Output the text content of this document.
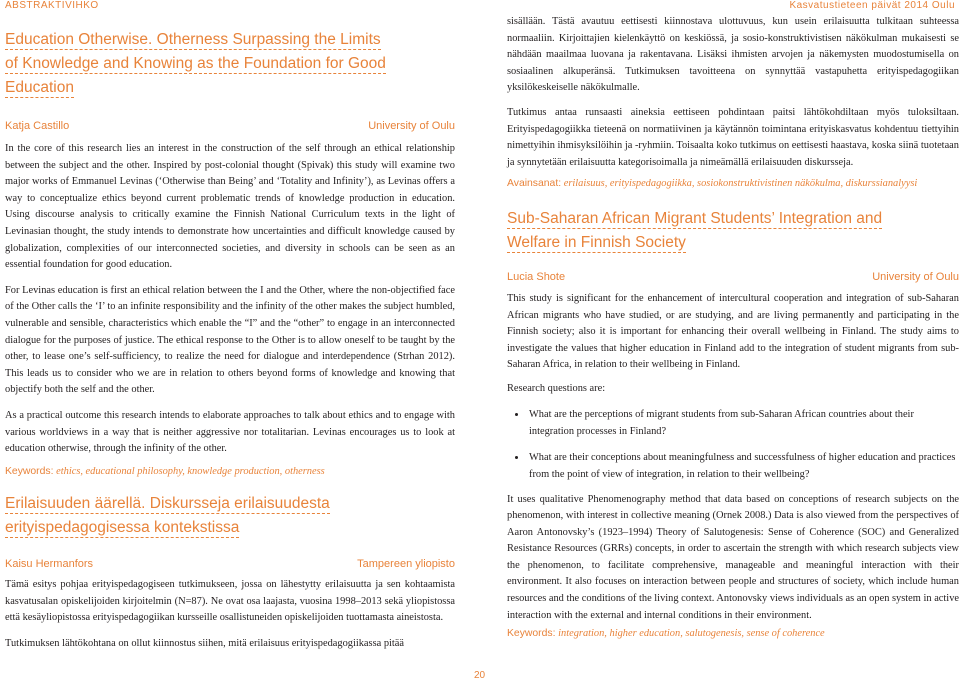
ABSTRAKTIVIHKO	Kasvatustieteen päivät 2014 Oulu
Education Otherwise. Otherness Surpassing the Limits
of Knowledge and Knowing as the Foundation for Good
Education
Katja Castillo	University of Oulu

In the core of this research lies an interest in the construction of the self through an ethical relationship between the subject and the other. Inspired by post-colonial thought (Spivak) this study will examine two major works of Emmanuel Levinas (‘Otherwise than Being’ and ‘Totality and Infinity’), as Levinas offers a way to conceptualize ethics beyond current problematic trends of knowledge production in education. Using discourse analysis to critically examine the Finnish National Curriculum texts in the light of Levinasian thought, the study intends to demonstrate how uncertainties and difficult knowledge caused by globalization, complexities of our interconnected societies, and diversity in schools can be seen as an essential foundation for good education.

For Levinas education is first an ethical relation between the I and the Other, where the non-objectified face of the Other calls the ‘I’ to an infinite responsibility and the infinity of the other makes the subject humbled, vulnerable and sensible, characteristics which enable the “I” and the “other” to engage in an interconnected dialogue for the purposes of justice. The ethical response to the Other is to allow oneself to be taught by the other, to lease one’s self-sufficiency, to realize the need for dialogue and interdependence (Strhan 2012). This leads us to consider who we are in relation to others beyond forms of knowledge and knowing that objectify both the self and the other.

As a practical outcome this research intends to elaborate approaches to talk about ethics and to engage with various worldviews in a way that is neither aggressive nor totalitarian. Levinas encourages us to look at education otherwise, through the infinity of the other.

Keywords: ethics, educational philosophy, knowledge production, otherness

Erilaisuuden äärellä. Diskursseja erilaisuudesta
erityispedagogisessa kontekstissa
Kaisu Hermanfors	Tampereen yliopisto

Tämä esitys pohjaa erityispedagogiseen tutkimukseen, jossa on lähestytty erilaisuutta ja sen kohtaamista kasvatusalan opiskelijoiden kirjoitelmin (N=87). Ne ovat osa laajasta, vuosina 1998–2013 sekä yliopistossa että kesäyliopistossa erityispedagogiikan kursseille osallistuneiden opiskelijoiden tuottamasta aineistosta.

Tutkimuksen lähtökohtana on ollut kiinnostus siihen, mitä erilaisuus erityispedagogiikassa pitää

sisällään. Tästä avautuu eettisesti kiinnostava ulottuvuus, kun usein erilaisuutta tulkitaan suhteessa normaaliin. Kirjoittajien kielenkäyttö on keskiössä, ja sosio-konstruktivistisen näkökulman mukaisesti se nähdään maailmaa luovana ja rakentavana. Lisäksi ihmisten arvojen ja näkemysten muodostumisella on sosiaalinen alkuperänsä. Tutkimuksen tavoitteena on synnyttää vastapuhetta erityispedagogiikan yksilökeskeiselle näkökulmalle.

Tutkimus antaa runsaasti aineksia eettiseen pohdintaan paitsi lähtökohdiltaan myös tuloksiltaan. Erityispedagogiikka tieteenä on normatiivinen ja käytännön toimintana erityiskasvatus kohdentuu tiettyihin nimettyihin ihmisyksilöihin ja -ryhmiin. Toisaalta koko tutkimus on eettisesti haastava, koska siinä tuotetaan ja synnytetään erilaisuutta kategorisoimalla ja nimeämällä erilaisuuden diskursseja.

Avainsanat: erilaisuus, erityispedagogiikka, sosiokonstruktivistinen näkökulma, diskurssianalyysi

Sub-Saharan African Migrant Students’ Integration and
Welfare in Finnish Society
Lucia Shote	University of Oulu

This study is significant for the enhancement of intercultural cooperation and integration of sub-Saharan African migrants who have studied, or are studying, and are living permanently and participating in the Finnish society; also it is important for enhancing their overall wellbeing in Finland. The study aims to investigate the values that higher education in Finland add to the integration of student migrants from sub-Saharan Africa, in relation to their wellbeing in Finland.

Research questions are:

• What are the perceptions of migrant students from sub-Saharan African countries about their integration processes in Finland?
• What are their conceptions about meaningfulness and successfulness of higher education and practices from the point of view of integration, in relation to their wellbeing?

It uses qualitative Phenomenography method that data based on conceptions of research subjects on the phenomenon, with interest in collective meaning (Ornek 2008.) Data is also viewed from the perspectives of Aaron Antonovsky’s (1923–1994) Theory of Salutogenesis: Sense of Coherence (SOC) and Generalized Resistance Resources (GRRs) concepts, in order to ascertain the strength with which research subjects view the phenomenon, to facilitate comprehensive, manageable and meaningful interaction with their environment. It also focuses on interaction between people and structures of society, which include human resources and the conditions of the living context. Antonovsky views individuals as an open system in active interaction with the external and internal conditions in their environment.

Keywords: integration, higher education, salutogenesis, sense of coherence

20
